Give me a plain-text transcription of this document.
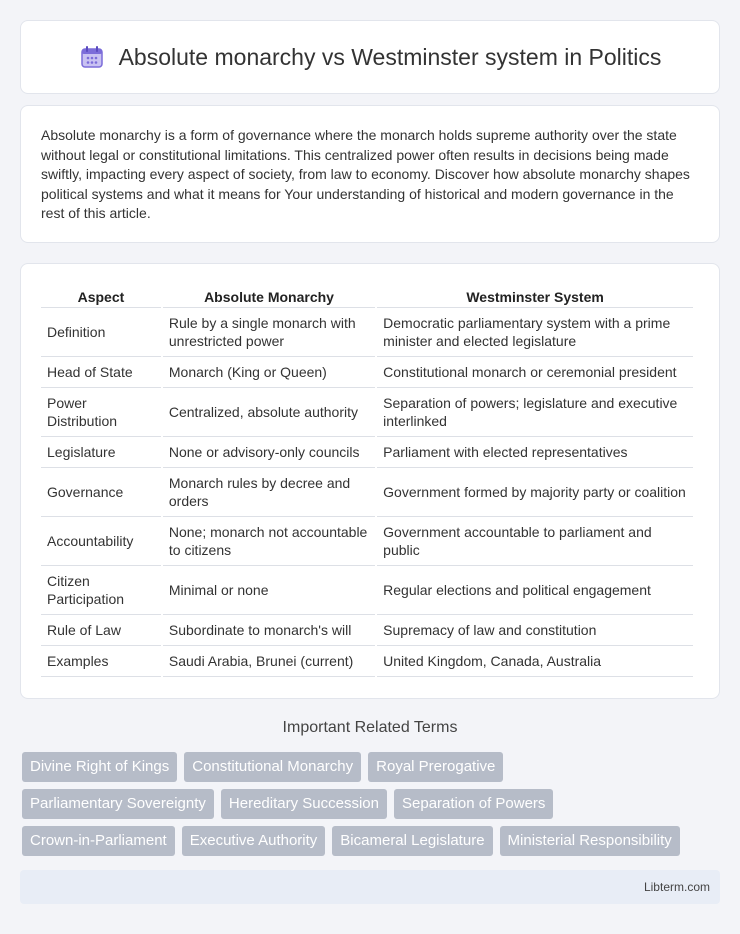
Absolute monarchy vs Westminster system in Politics

Absolute monarchy is a form of governance where the monarch holds supreme authority over the state without legal or constitutional limitations. This centralized power often results in decisions being made swiftly, impacting every aspect of society, from law to economy. Discover how absolute monarchy shapes political systems and what it means for Your understanding of historical and modern governance in the rest of this article.

Aspect	Absolute Monarchy	Westminster System
Definition	Rule by a single monarch with unrestricted power	Democratic parliamentary system with a prime minister and elected legislature
Head of State	Monarch (King or Queen)	Constitutional monarch or ceremonial president
Power Distribution	Centralized, absolute authority	Separation of powers; legislature and executive interlinked
Legislature	None or advisory-only councils	Parliament with elected representatives
Governance	Monarch rules by decree and orders	Government formed by majority party or coalition
Accountability	None; monarch not accountable to citizens	Government accountable to parliament and public
Citizen Participation	Minimal or none	Regular elections and political engagement
Rule of Law	Subordinate to monarch's will	Supremacy of law and constitution
Examples	Saudi Arabia, Brunei (current)	United Kingdom, Canada, Australia
Important Related Terms
Divine Right of Kings	Constitutional Monarchy	Royal Prerogative
Parliamentary Sovereignty	Hereditary Succession	Separation of Powers
Crown-in-Parliament	Executive Authority	Bicameral Legislature	Ministerial Responsibility
Libterm.com
